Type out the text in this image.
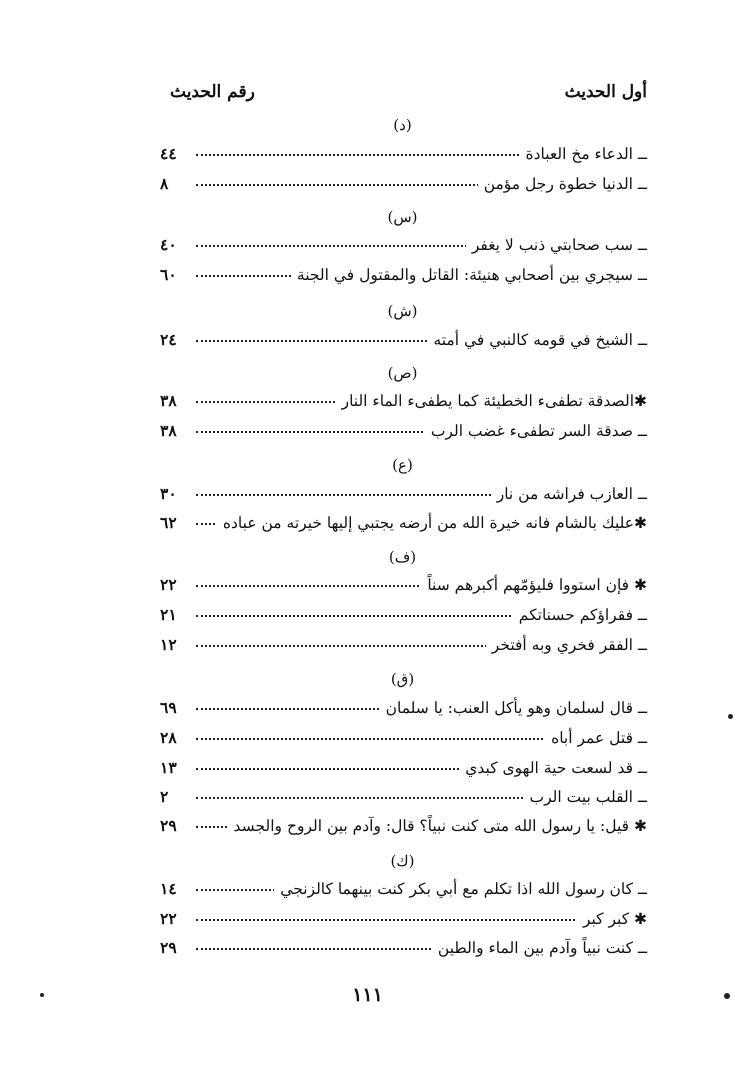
أول الحديث
رقم الحديث
(د)
ــ الدعاء مخ العبادة
٤٤
ــ الدنيا خطوة رجل مؤمن
٨
(س)
ــ سب صحابتي ذنب لا يغفر
٤٠
ــ سيجري بين أصحابي هنيئة: القاتل والمقتول في الجنة
٦٠
(ش)
ــ الشيخ في قومه كالنبي في أمته
٢٤
(ص)
✱الصدقة تطفىء الخطيئة كما يطفىء الماء النار
٣٨
ــ صدقة السر تطفىء غضب الرب
٣٨
(ع)
ــ العازب فراشه من نار
٣٠
✱عليك بالشام فانه خيرة الله من أرضه يجتبي إليها خيرته من عباده
٦٢
(ف)
✱ فإن استووا فليؤمّهم أكبرهم سناً
٢٢
ــ فقراؤكم حسناتكم
٢١
ــ الفقر فخري وبه أفتخر
١٢
(ق)
ــ قال لسلمان وهو يأكل العنب: يا سلمان
٦٩
ــ قتل عمر أباه
٢٨
ــ قد لسعت حية الهوى كبدي
١٣
ــ القلب بيت الرب
٢
✱ قيل: يا رسول الله متى كنت نبياً؟ قال: وآدم بين الروح والجسد
٢٩
(ك)
ــ كان رسول الله اذا تكلم مع أبي بكر كنت بينهما كالزنجي
١٤
✱ كبر كبر
٢٢
ــ كنت نبياً وآدم بين الماء والطين
٢٩
١١١
